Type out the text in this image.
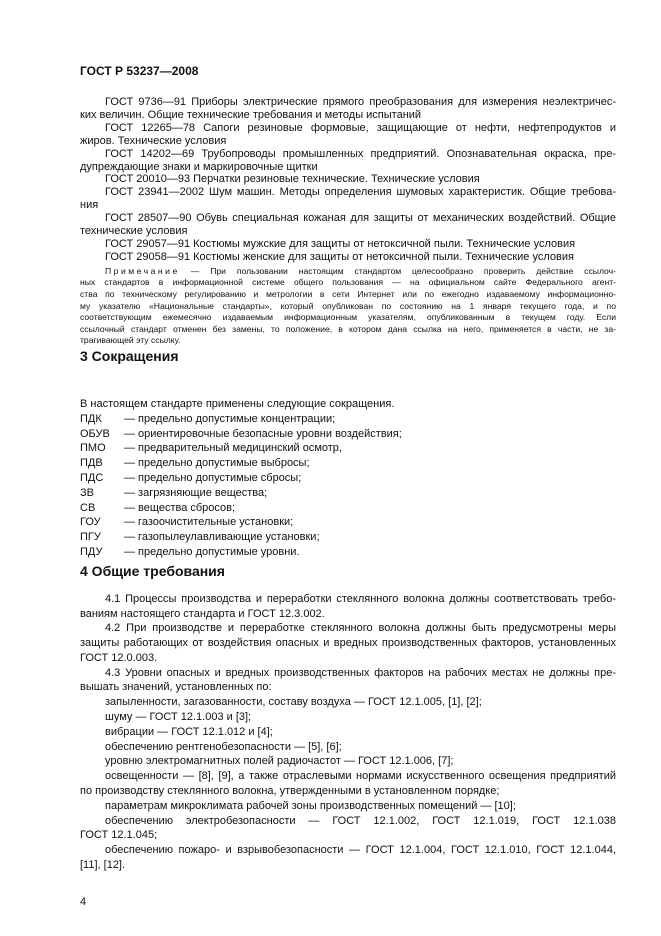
ГОСТ Р 53237—2008
ГОСТ 9736—91 Приборы электрические прямого преобразования для измерения неэлектричес-
ких величин. Общие технические требования и методы испытаний
ГОСТ 12265—78 Сапоги резиновые формовые, защищающие от нефти, нефтепродуктов и
жиров. Технические условия
ГОСТ 14202—69 Трубопроводы промышленных предприятий. Опознавательная окраска, пре-
дупреждающие знаки и маркировочные щитки
ГОСТ 20010—93 Перчатки резиновые технические. Технические условия
ГОСТ 23941—2002 Шум машин. Методы определения шумовых характеристик. Общие требова-
ния
ГОСТ 28507—90 Обувь специальная кожаная для защиты от механических воздействий. Общие
технические условия
ГОСТ 29057—91 Костюмы мужские для защиты от нетоксичной пыли. Технические условия
ГОСТ 29058—91 Костюмы женские для защиты от нетоксичной пыли. Технические условия
Примечание — При пользовании настоящим стандартом целесообразно проверить действие ссылоч-
ных стандартов в информационной системе общего пользования — на официальном сайте Федерального агент-
ства по техническому регулированию и метрологии в сети Интернет или по ежегодно издаваемому информационно-
му указателю «Национальные стандарты», который опубликован по состоянию на 1 января текущего года, и по
соответствующим ежемесячно издаваемым информационным указателям, опубликованным в текущем году. Если
ссылочный стандарт отменен без замены, то положение, в котором дана ссылка на него, применяется в части, не за-
трагивающей эту ссылку.
3 Сокращения
В настоящем стандарте применены следующие сокращения.
ПДК	— предельно допустимые концентрации;
ОБУВ	— ориентировочные безопасные уровни воздействия;
ПМО	— предварительный медицинский осмотр,
ПДВ	— предельно допустимые выбросы;
ПДС	— предельно допустимые сбросы;
ЗВ	— загрязняющие вещества;
СВ	— вещества сбросов;
ГОУ	— газоочистительные установки;
ПГУ	— газопылеулавливающие установки;
ПДУ	— предельно допустимые уровни.
4 Общие требования
4.1 Процессы производства и переработки стеклянного волокна должны соответствовать требо-
ваниям настоящего стандарта и ГОСТ 12.3.002.
4.2 При производстве и переработке стеклянного волокна должны быть предусмотрены меры
защиты работающих от воздействия опасных и вредных производственных факторов, установленных
ГОСТ 12.0.003.
4.3 Уровни опасных и вредных производственных факторов на рабочих местах не должны пре-
вышать значений, установленных по:
запыленности, загазованности, составу воздуха — ГОСТ 12.1.005, [1], [2];
шуму — ГОСТ 12.1.003 и [3];
вибрации — ГОСТ 12.1.012 и [4];
обеспечению рентгенобезопасности — [5], [6];
уровню электромагнитных полей радиочастот — ГОСТ 12.1.006, [7];
освещенности — [8], [9], а также отраслевыми нормами искусственного освещения предприятий
по производству стеклянного волокна, утвержденными в установленном порядке;
параметрам микроклимата рабочей зоны производственных помещений — [10];
обеспечению электробезопасности — ГОСТ 12.1.002, ГОСТ 12.1.019, ГОСТ 12.1.038
ГОСТ 12.1.045;
обеспечению пожаро- и взрывобезопасности — ГОСТ 12.1.004, ГОСТ 12.1.010, ГОСТ 12.1.044,
[11], [12].
4
